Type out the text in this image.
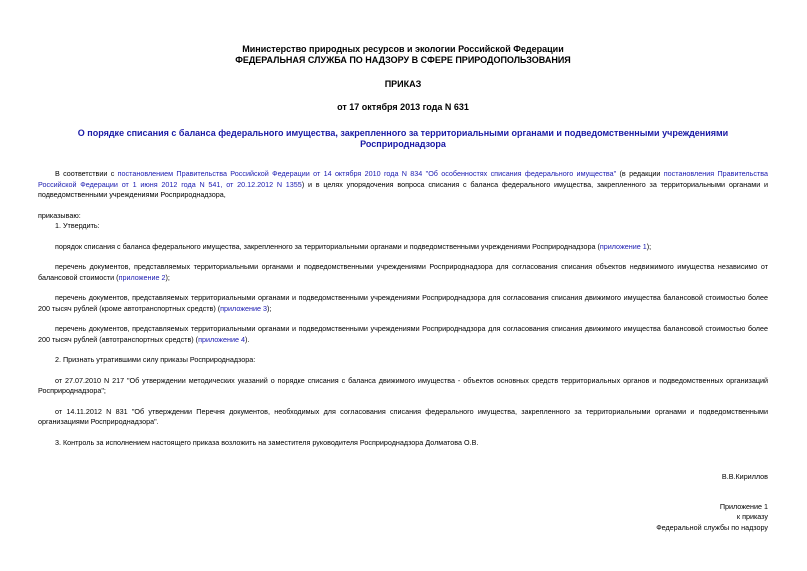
Министерство природных ресурсов и экологии Российской Федерации
ФЕДЕРАЛЬНАЯ СЛУЖБА ПО НАДЗОРУ В СФЕРЕ ПРИРОДОПОЛЬЗОВАНИЯ
ПРИКАЗ
от 17 октября 2013 года N 631
О порядке списания с баланса федерального имущества, закрепленного за территориальными органами и подведомственными учреждениями Росприроднадзора

В соответствии с постановлением Правительства Российской Федерации от 14 октября 2010 года N 834 "Об особенностях списания федерального имущества" (в редакции постановления Правительства Российской Федерации от 1 июня 2012 года N 541, от 20.12.2012 N 1355) и в целях упорядочения вопроса списания с баланса федерального имущества, закрепленного за территориальными органами и подведомственными учреждениями Росприроднадзора,

приказываю:

1. Утвердить:

порядок списания с баланса федерального имущества, закрепленного за территориальными органами и подведомственными учреждениями Росприроднадзора (приложение 1);

перечень документов, представляемых территориальными органами и подведомственными учреждениями Росприроднадзора для согласования списания объектов недвижимого имущества независимо от балансовой стоимости (приложение 2);

перечень документов, представляемых территориальными органами и подведомственными учреждениями Росприроднадзора для согласования списания движимого имущества балансовой стоимостью более 200 тысяч рублей (кроме автотранспортных средств) (приложение 3);

перечень документов, представляемых территориальными органами и подведомственными учреждениями Росприроднадзора для согласования списания движимого имущества балансовой стоимостью более 200 тысяч рублей (автотранспортных средств) (приложение 4).

2. Признать утратившими силу приказы Росприроднадзора:

от 27.07.2010 N 217 "Об утверждении методических указаний о порядке списания с баланса движимого имущества - объектов основных средств территориальных органов и подведомственных организаций Росприроднадзора";

от 14.11.2012 N 831 "Об утверждении Перечня документов, необходимых для согласования списания федерального имущества, закрепленного за территориальными органами и подведомственными организациями Росприроднадзора".

3. Контроль за исполнением настоящего приказа возложить на заместителя руководителя Росприроднадзора Долматова О.В.

В.В.Кириллов

Приложение 1

к приказу

Федеральной службы по надзору
